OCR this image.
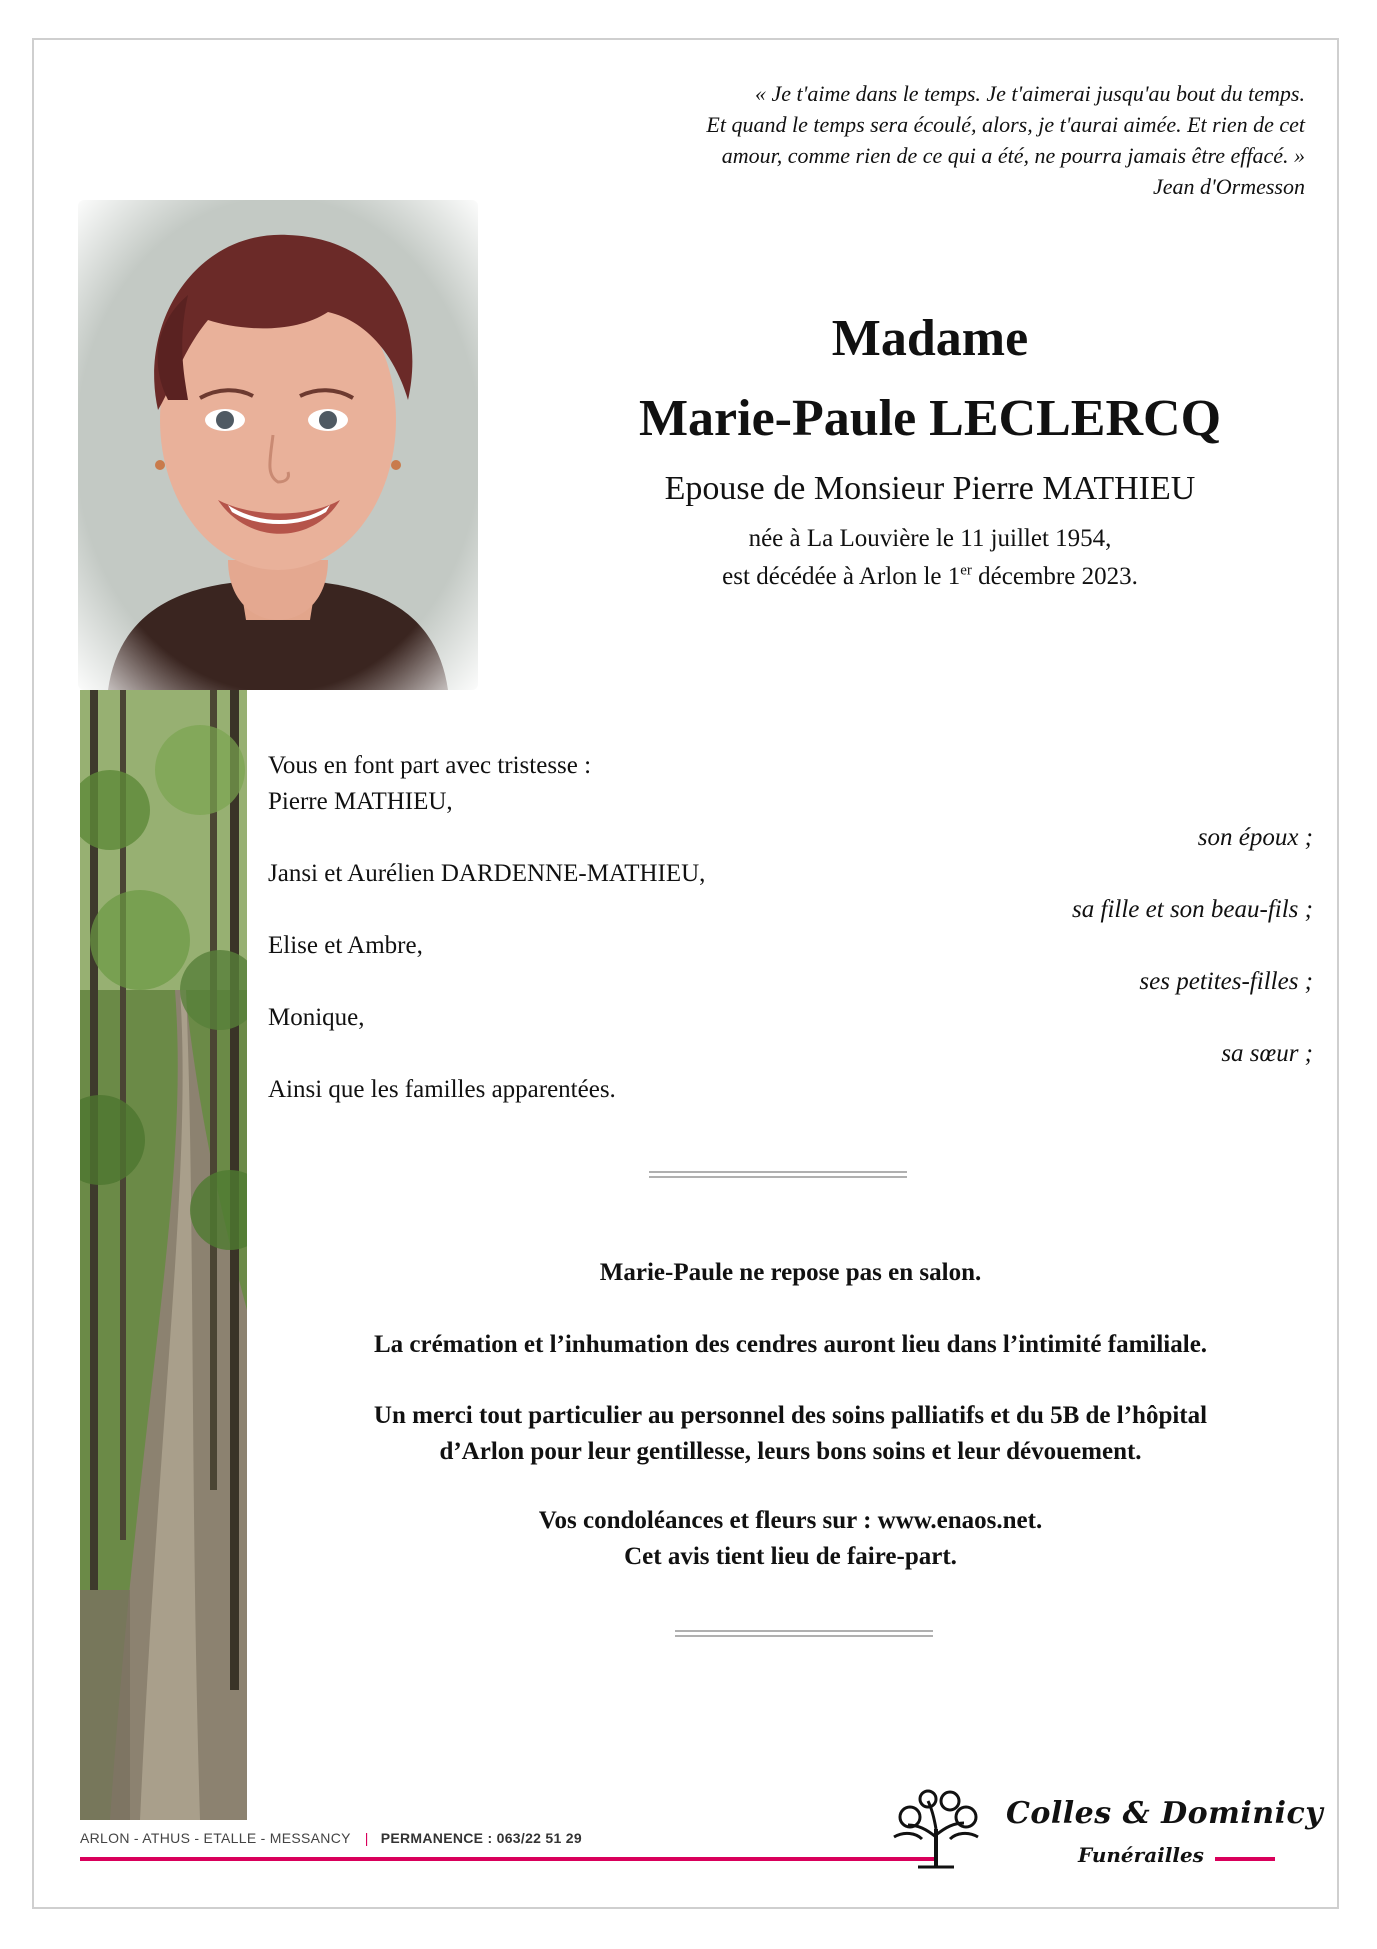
« Je t'aime dans le temps. Je t'aimerai jusqu'au bout du temps.
Et quand le temps sera écoulé, alors, je t'aurai aimée. Et rien de cet
amour, comme rien de ce qui a été, ne pourra jamais être effacé. »
Jean d'Ormesson
Madame
Marie-Paule LECLERCQ
Epouse de Monsieur Pierre MATHIEU
née à La Louvière le 11 juillet 1954,
est décédée à Arlon le 1er décembre 2023.
Vous en font part avec tristesse :
Pierre MATHIEU,
son époux ;
Jansi et Aurélien DARDENNE-MATHIEU,
sa fille et son beau-fils ;
Elise et Ambre,
ses petites-filles ;
Monique,
sa sœur ;
Ainsi que les familles apparentées.
Marie-Paule ne repose pas en salon.
La crémation et l’inhumation des cendres auront lieu dans l’intimité familiale.
Un merci tout particulier au personnel des soins palliatifs et du 5B de l’hôpital
d’Arlon pour leur gentillesse, leurs bons soins et leur dévouement.
Vos condoléances et fleurs sur : www.enaos.net.
Cet avis tient lieu de faire-part.
ARLON - ATHUS - ETALLE - MESSANCY | PERMANENCE : 063/22 51 29
Colles & Dominicy
Funérailles
